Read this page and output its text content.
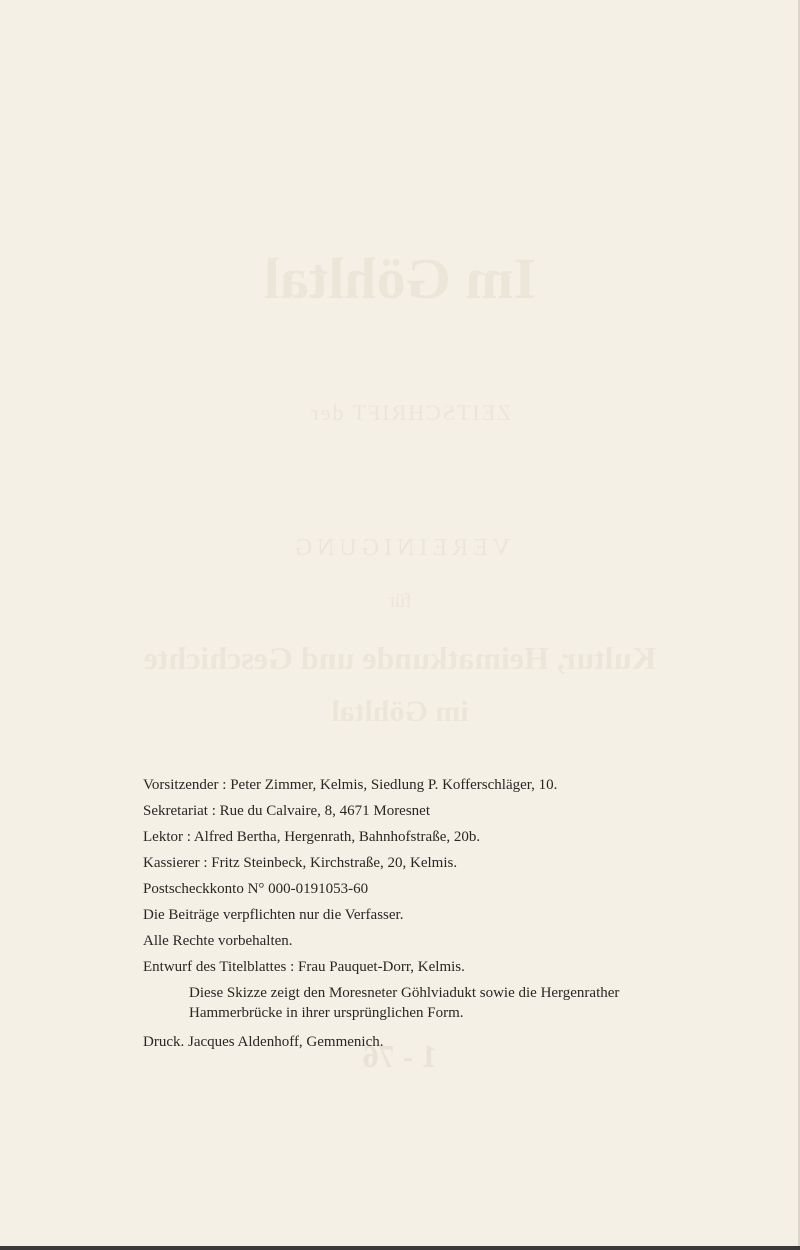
Im Göhltal
ZEITSCHRIFT der
VEREINIGUNG
für
Kultur, Heimatkunde und Geschichte
im Göhltal
1 - 76
Vorsitzender : Peter Zimmer, Kelmis, Siedlung P. Kofferschläger, 10.
Sekretariat : Rue du Calvaire, 8, 4671 Moresnet
Lektor : Alfred Bertha, Hergenrath, Bahnhofstraße, 20b.
Kassierer : Fritz Steinbeck, Kirchstraße, 20, Kelmis.
Postscheckkonto N° 000-0191053-60
Die Beiträge verpflichten nur die Verfasser.
Alle Rechte vorbehalten.
Entwurf des Titelblattes : Frau Pauquet-Dorr, Kelmis.
Diese Skizze zeigt den Moresneter Göhlviadukt sowie die Hergenrather
Hammerbrücke in ihrer ursprünglichen Form.
Druck. Jacques Aldenhoff, Gemmenich.
